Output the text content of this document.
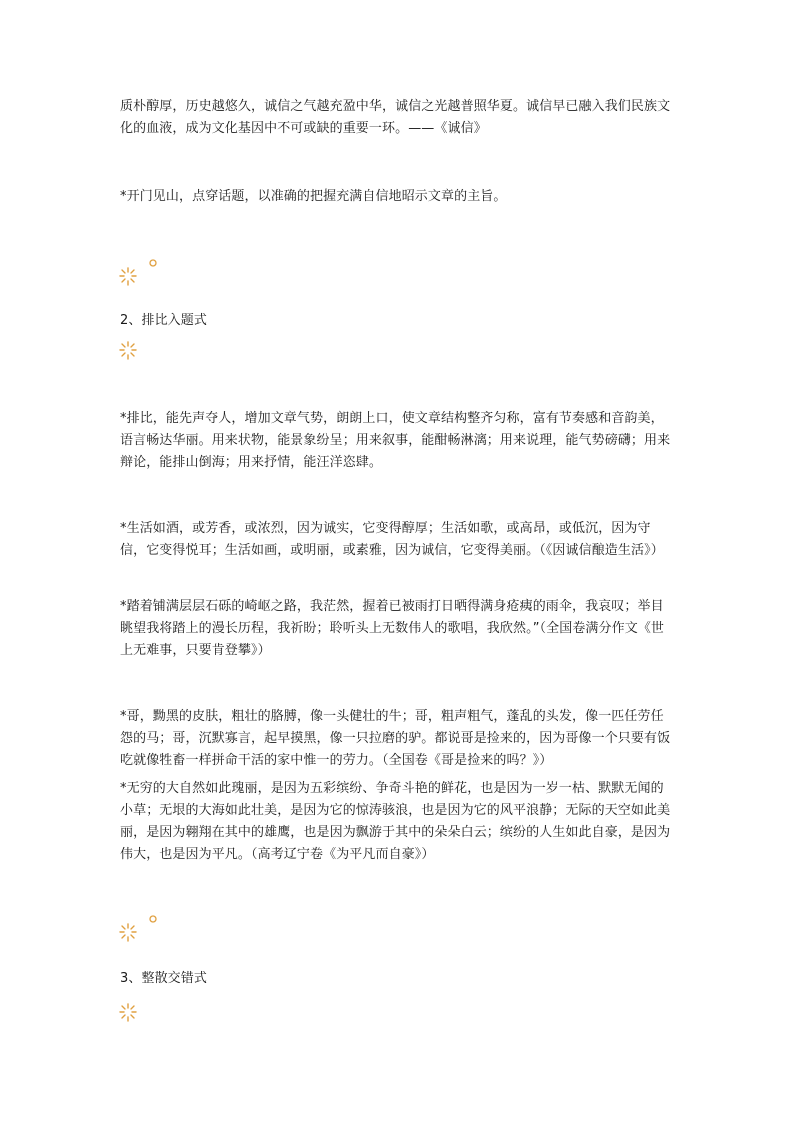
质朴醇厚，历史越悠久，诚信之气越充盈中华，诚信之光越普照华夏。诚信早已融入我们民族文化的血液，成为文化基因中不可或缺的重要一环。——《诚信》

*开门见山，点穿话题，以准确的把握充满自信地昭示文章的主旨。

2、排比入题式

*排比，能先声夺人，增加文章气势，朗朗上口，使文章结构整齐匀称，富有节奏感和音韵美，语言畅达华丽。用来状物，能景象纷呈；用来叙事，能酣畅淋漓；用来说理，能气势磅礴；用来辩论，能排山倒海；用来抒情，能汪洋恣肆。

*生活如酒，或芳香，或浓烈，因为诚实，它变得醇厚；生活如歌，或高昂，或低沉，因为守信，它变得悦耳；生活如画，或明丽，或素雅，因为诚信，它变得美丽。（《因诚信酿造生活》）

*踏着铺满层层石砾的崎岖之路，我茫然，握着已被雨打日晒得满身疮痍的雨伞，我哀叹；举目眺望我将踏上的漫长历程，我祈盼；聆听头上无数伟人的歌唱，我欣然。”（全国卷满分作文《世上无难事，只要肯登攀》）

*哥，黝黑的皮肤，粗壮的胳膊，像一头健壮的牛；哥，粗声粗气，蓬乱的头发，像一匹任劳任怨的马；哥，沉默寡言，起早摸黑，像一只拉磨的驴。都说哥是捡来的，因为哥像一个只要有饭吃就像牲畜一样拼命干活的家中惟一的劳力。（全国卷《哥是捡来的吗？》）

*无穷的大自然如此瑰丽，是因为五彩缤纷、争奇斗艳的鲜花，也是因为一岁一枯、默默无闻的小草；无垠的大海如此壮美，是因为它的惊涛骇浪，也是因为它的风平浪静；无际的天空如此美丽，是因为翱翔在其中的雄鹰，也是因为飘游于其中的朵朵白云；缤纷的人生如此自豪，是因为伟大，也是因为平凡。（高考辽宁卷《为平凡而自豪》）

3、整散交错式
